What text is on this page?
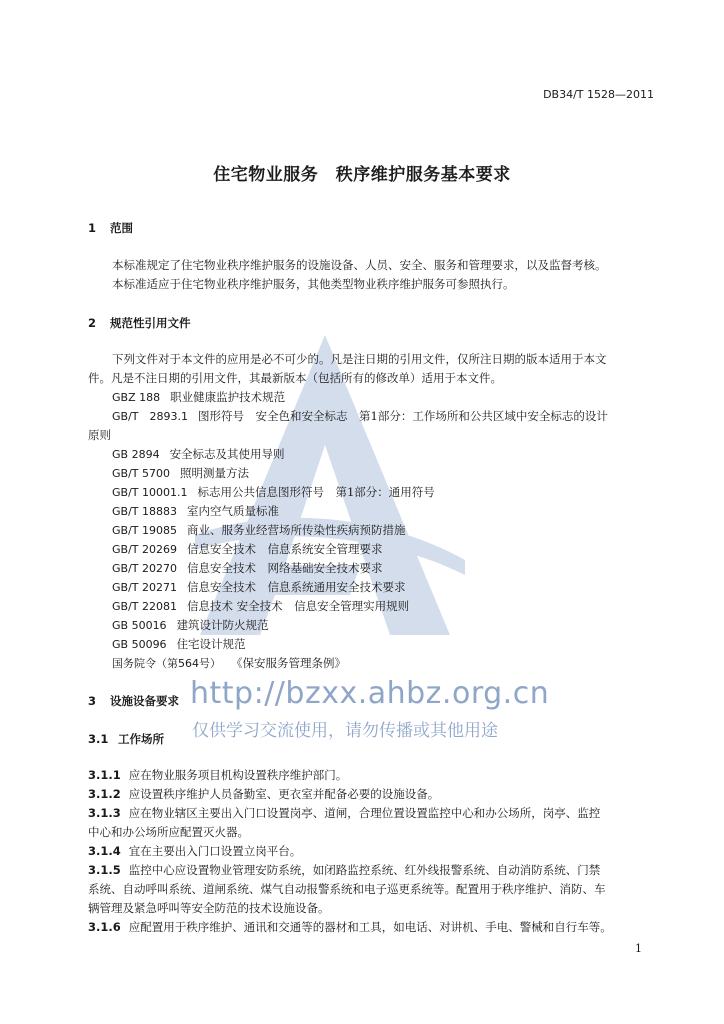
DB34/T 1528—2011
住宅物业服务　秩序维护服务基本要求
1 范围
本标准规定了住宅物业秩序维护服务的设施设备、人员、安全、服务和管理要求，以及监督考核。
本标准适应于住宅物业秩序维护服务，其他类型物业秩序维护服务可参照执行。
2 规范性引用文件
下列文件对于本文件的应用是必不可少的。凡是注日期的引用文件，仅所注日期的版本适用于本文
件。凡是不注日期的引用文件，其最新版本（包括所有的修改单）适用于本文件。
GBZ 188 职业健康监护技术规范
GB/T　2893.1 图形符号　安全色和安全标志　第1部分：工作场所和公共区域中安全标志的设计
原则
GB 2894 安全标志及其使用导则
GB/T 5700 照明测量方法
GB/T 10001.1 标志用公共信息图形符号　第1部分：通用符号
GB/T 18883 室内空气质量标准
GB/T 19085 商业、服务业经营场所传染性疾病预防措施
GB/T 20269 信息安全技术　信息系统安全管理要求
GB/T 20270 信息安全技术　网络基础安全技术要求
GB/T 20271 信息安全技术　信息系统通用安全技术要求
GB/T 22081 信息技术 安全技术　信息安全管理实用规则
GB 50016 建筑设计防火规范
GB 50096 住宅设计规范
国务院令（第564号） 《保安服务管理条例》
http://bzxx.ahbz.org.cn
仅供学习交流使用，请勿传播或其他用途
3 设施设备要求
3.1 工作场所
3.1.1 应在物业服务项目机构设置秩序维护部门。
3.1.2 应设置秩序维护人员备勤室、更衣室并配备必要的设施设备。
3.1.3 应在物业辖区主要出入门口设置岗亭、道闸，合理位置设置监控中心和办公场所，岗亭、监控
中心和办公场所应配置灭火器。
3.1.4 宜在主要出入门口设置立岗平台。
3.1.5 监控中心应设置物业管理安防系统，如闭路监控系统、红外线报警系统、自动消防系统、门禁
系统、自动呼叫系统、道闸系统、煤气自动报警系统和电子巡更系统等。配置用于秩序维护、消防、车
辆管理及紧急呼叫等安全防范的技术设施设备。
3.1.6 应配置用于秩序维护、通讯和交通等的器材和工具，如电话、对讲机、手电、警械和自行车等。
1
